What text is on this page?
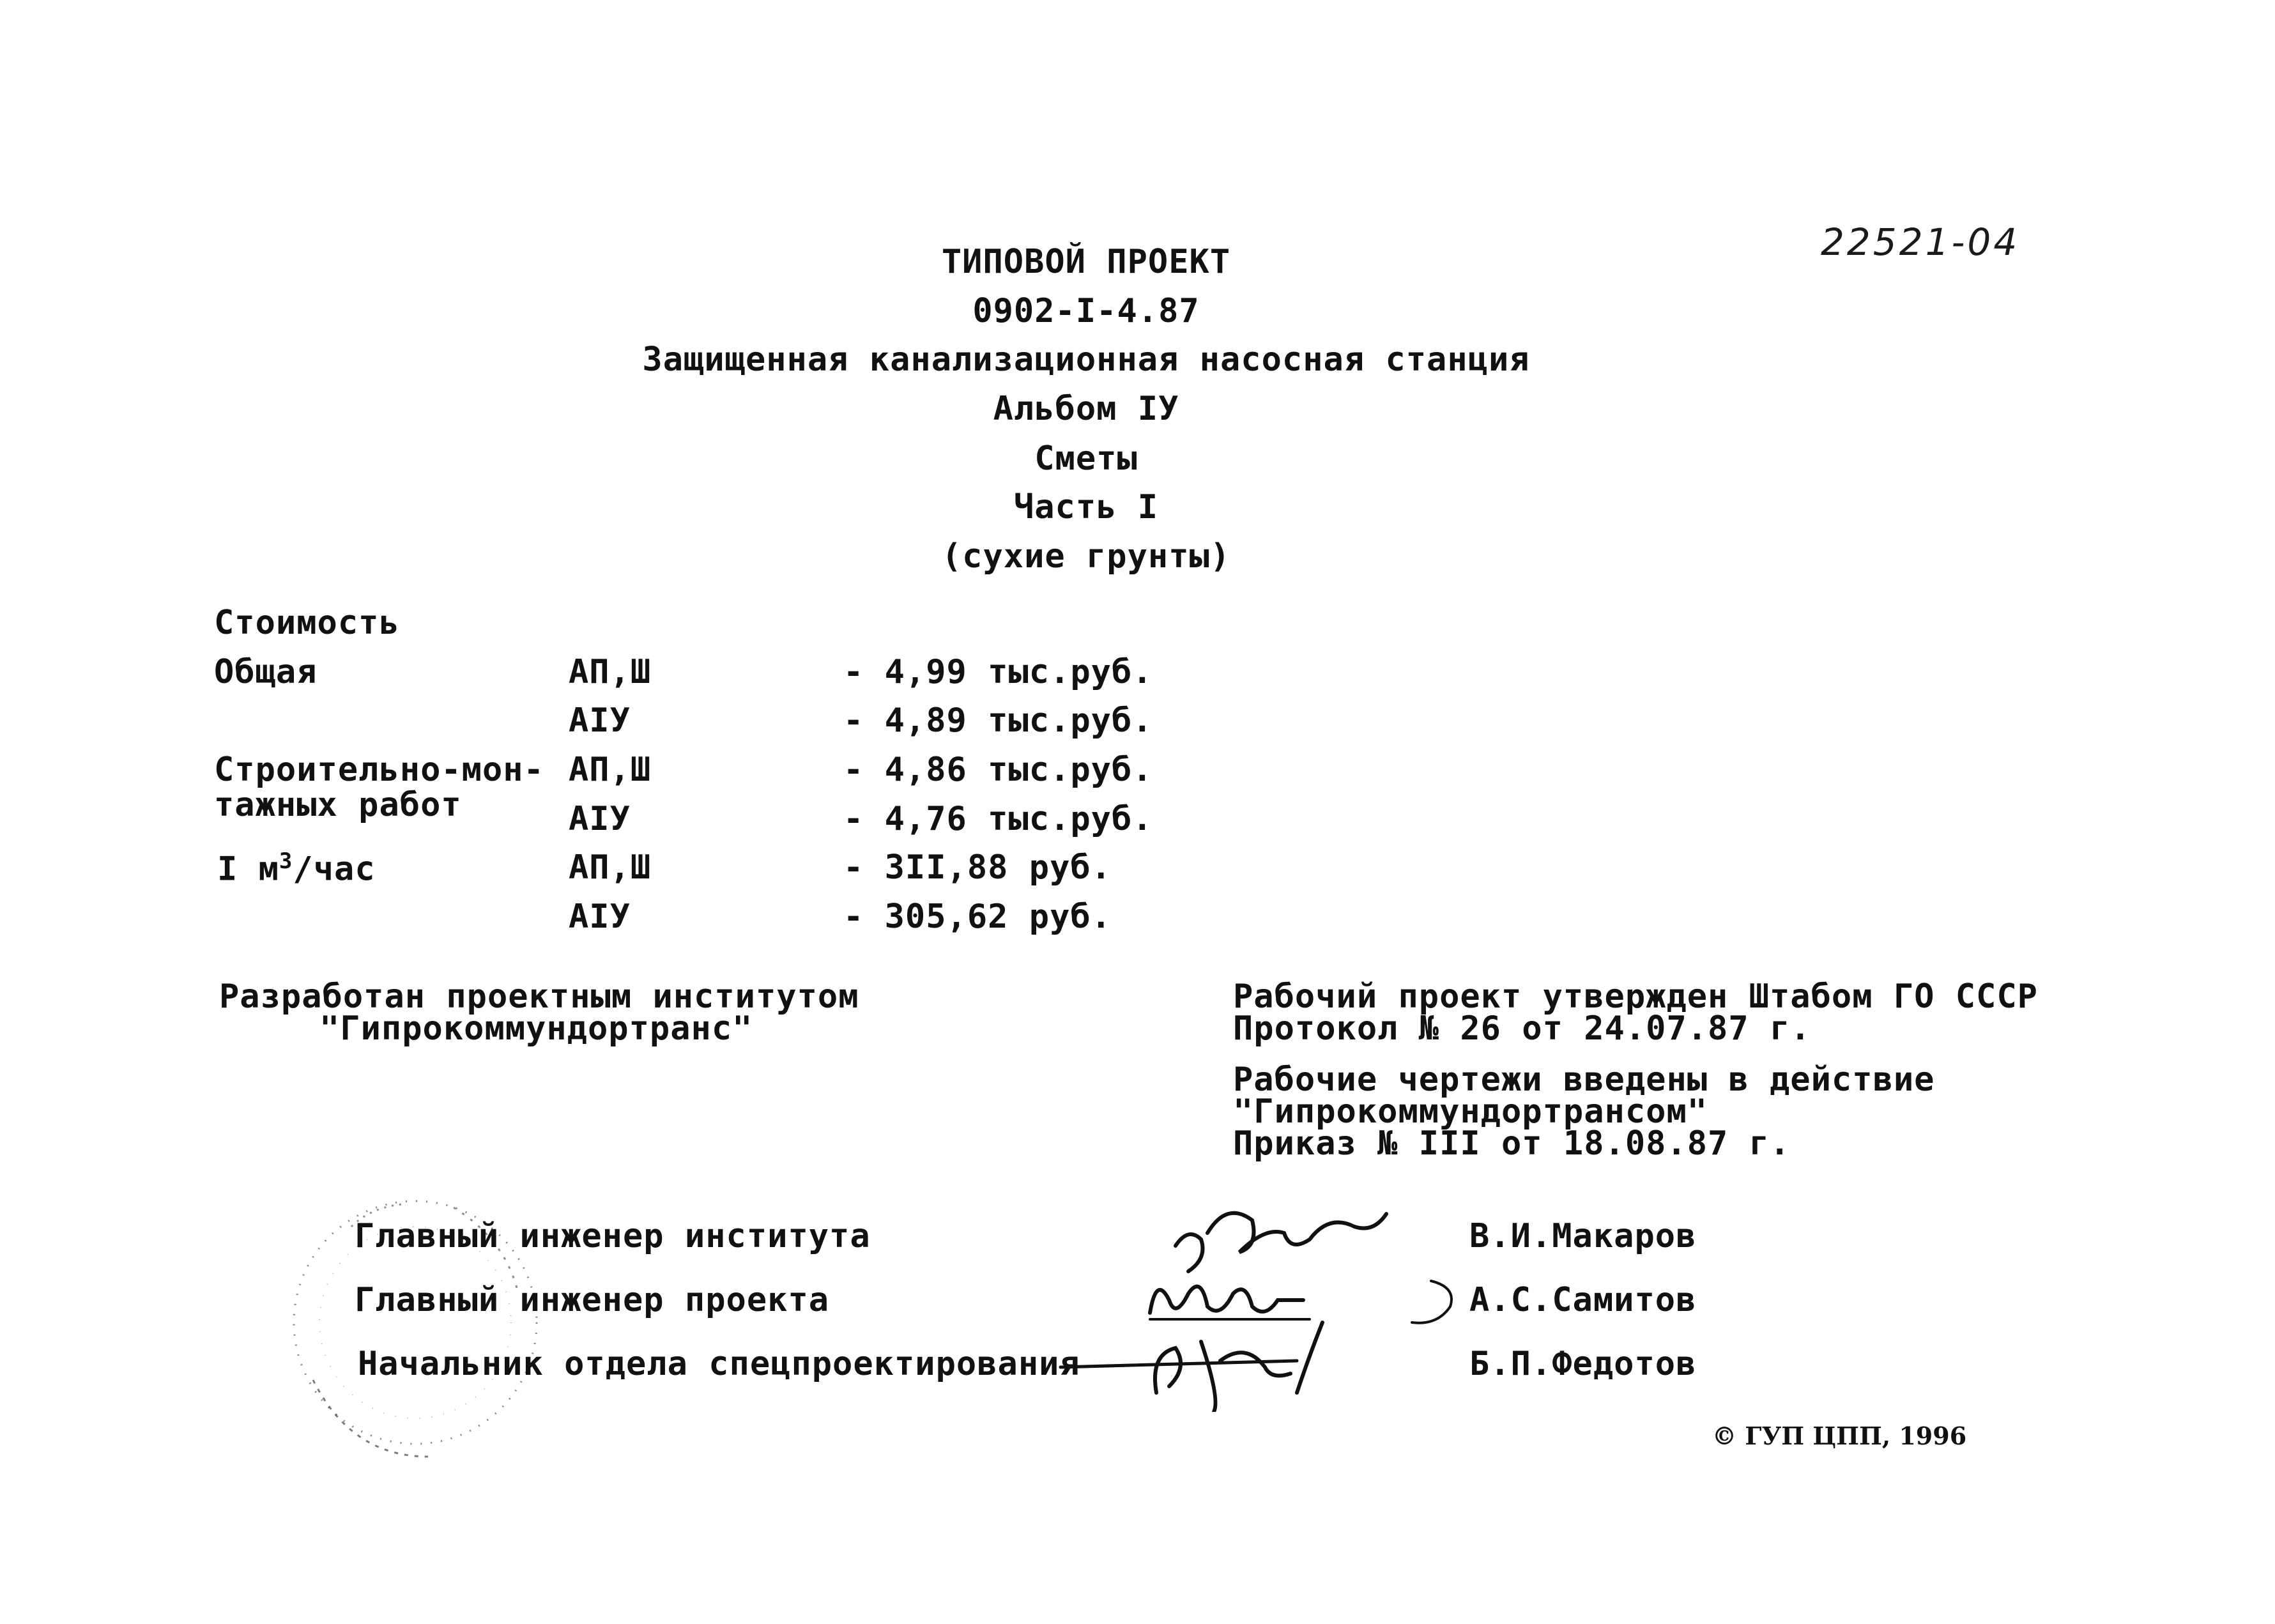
22521-04
ТИПОВОЙ ПРОЕКТ
0902-I-4.87
Защищенная канализационная насосная станция
Альбом IУ
Сметы
Часть I
(сухие грунты)
Стоимость
Общая	АП,Ш	- 4,99 тыс.руб.
АIУ	- 4,89 тыс.руб.
Строительно-мон-
тажных работ
АП,Ш	- 4,86 тыс.руб.
АIУ	- 4,76 тыс.руб.
I $м^3$/час	АП,Ш	- 3II,88 руб.
АIУ	- 305,62 руб.
Разработан проектным институтом
"Гипрокоммундортранс"
Рабочий проект утвержден Штабом ГО СССР
Протокол № 26 от 24.07.87 г.
Рабочие чертежи введены в действие
"Гипрокоммундортрансом"
Приказ № III от 18.08.87 г.
Главный инженер института
Главный инженер проекта
Начальник отдела спецпроектирования
В.И.Макаров
А.С.Самитов
Б.П.Федотов
© ГУП ЦПП, 1996
